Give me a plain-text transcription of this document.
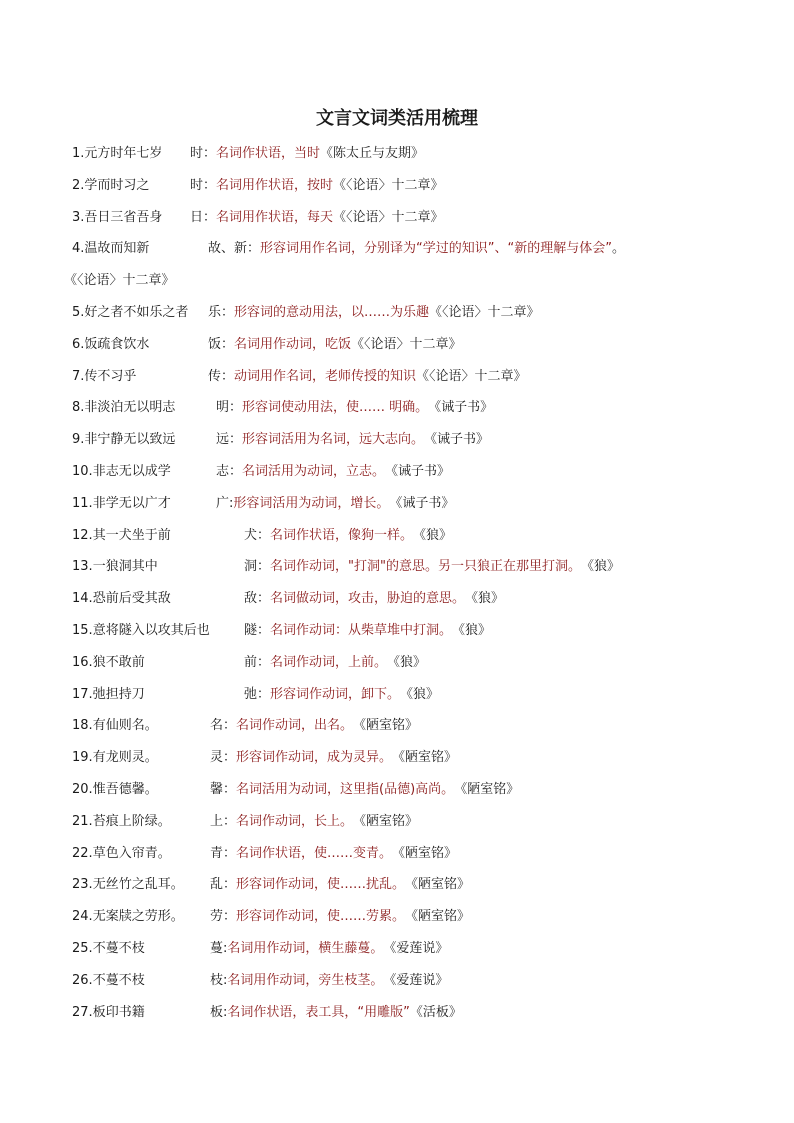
文言文词类活用梳理
1.元方时年七岁 时：名词作状语，当时《陈太丘与友期》
2.学而时习之	时：名词用作状语，按时《〈论语〉十二章》
3.吾日三省吾身 日：名词用作状语，每天《〈论语〉十二章》
4.温故而知新	故、新：形容词用作名词，分别译为“学过的知识”、“新的理解与体会”。
《〈论语〉十二章》
5.好之者不如乐之者 乐：形容词的意动用法，以……为乐趣《〈论语〉十二章》
6.饭疏食饮水	饭：名词用作动词，吃饭《〈论语〉十二章》
7.传不习乎	传：动词用作名词，老师传授的知识《〈论语〉十二章》
8.非淡泊无以明志	明：形容词使动用法，使…… 明确。《诫子书》
9.非宁静无以致远	远：形容词活用为名词，远大志向。《诫子书》
10.非志无以成学	志：名词活用为动词，立志。《诫子书》
11.非学无以广才	广:形容词活用为动词，增长。《诫子书》
12.其一犬坐于前	犬：名词作状语，像狗一样。《狼》
13.一狼洞其中	洞：名词作动词，"打洞"的意思。另一只狼正在那里打洞。《狼》
14.恐前后受其敌	敌：名词做动词，攻击，胁迫的意思。《狼》
15.意将隧入以攻其后也	隧：名词作动词：从柴草堆中打洞。《狼》
16.狼不敢前	前：名词作动词，上前。《狼》
17.弛担持刀	弛：形容词作动词，卸下。《狼》
18.有仙则名。	名：名词作动词，出名。《陋室铭》
19.有龙则灵。	灵：形容词作动词，成为灵异。《陋室铭》
20.惟吾德馨。	馨：名词活用为动词，这里指(品德)高尚。《陋室铭》
21.苔痕上阶绿。	上：名词作动词，长上。《陋室铭》
22.草色入帘青。	青：名词作状语，使……变青。《陋室铭》
23.无丝竹之乱耳。 乱：形容词作动词，使……扰乱。《陋室铭》
24.无案牍之劳形。 劳：形容词作动词，使……劳累。《陋室铭》
25.不蔓不枝	蔓:名词用作动词，横生藤蔓。《爱莲说》
26.不蔓不枝	枝:名词用作动词，旁生枝茎。《爱莲说》
27.板印书籍	板:名词作状语，表工具，“用雕版”《活板》
